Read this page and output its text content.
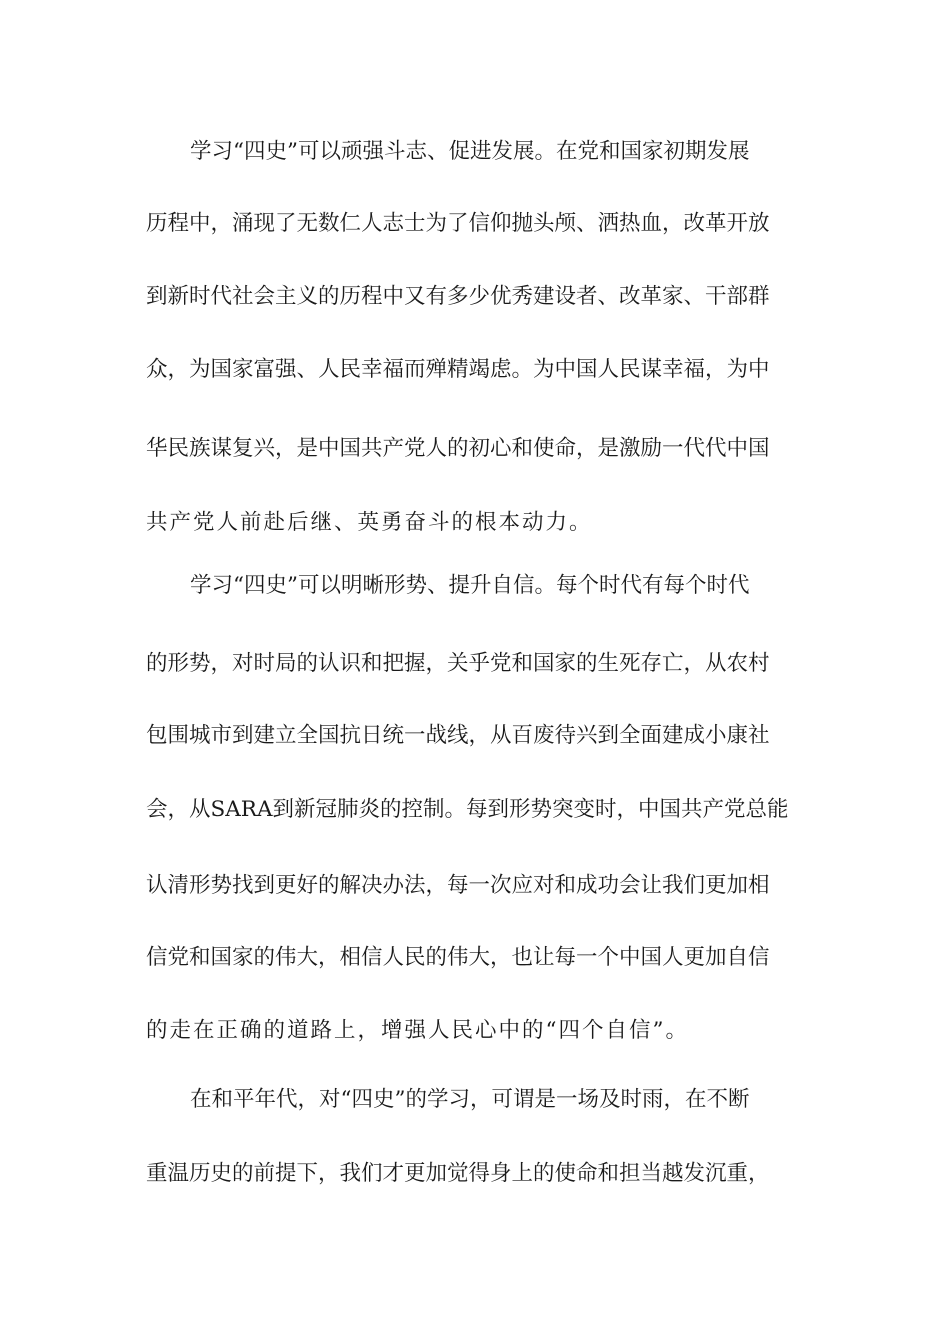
学习“四史”可以顽强斗志、促进发展。在党和国家初期发展
历程中，涌现了无数仁人志士为了信仰抛头颅、洒热血，改革开放
到新时代社会主义的历程中又有多少优秀建设者、改革家、干部群
众，为国家富强、人民幸福而殚精竭虑。为中国人民谋幸福，为中
华民族谋复兴，是中国共产党人的初心和使命，是激励一代代中国
共产党人前赴后继、英勇奋斗的根本动力。
学习“四史”可以明晰形势、提升自信。每个时代有每个时代
的形势，对时局的认识和把握，关乎党和国家的生死存亡，从农村
包围城市到建立全国抗日统一战线，从百废待兴到全面建成小康社
会，从SARA到新冠肺炎的控制。每到形势突变时，中国共产党总能
认清形势找到更好的解决办法，每一次应对和成功会让我们更加相
信党和国家的伟大，相信人民的伟大，也让每一个中国人更加自信
的走在正确的道路上，增强人民心中的“四个自信”。
在和平年代，对“四史”的学习，可谓是一场及时雨，在不断
重温历史的前提下，我们才更加觉得身上的使命和担当越发沉重，
